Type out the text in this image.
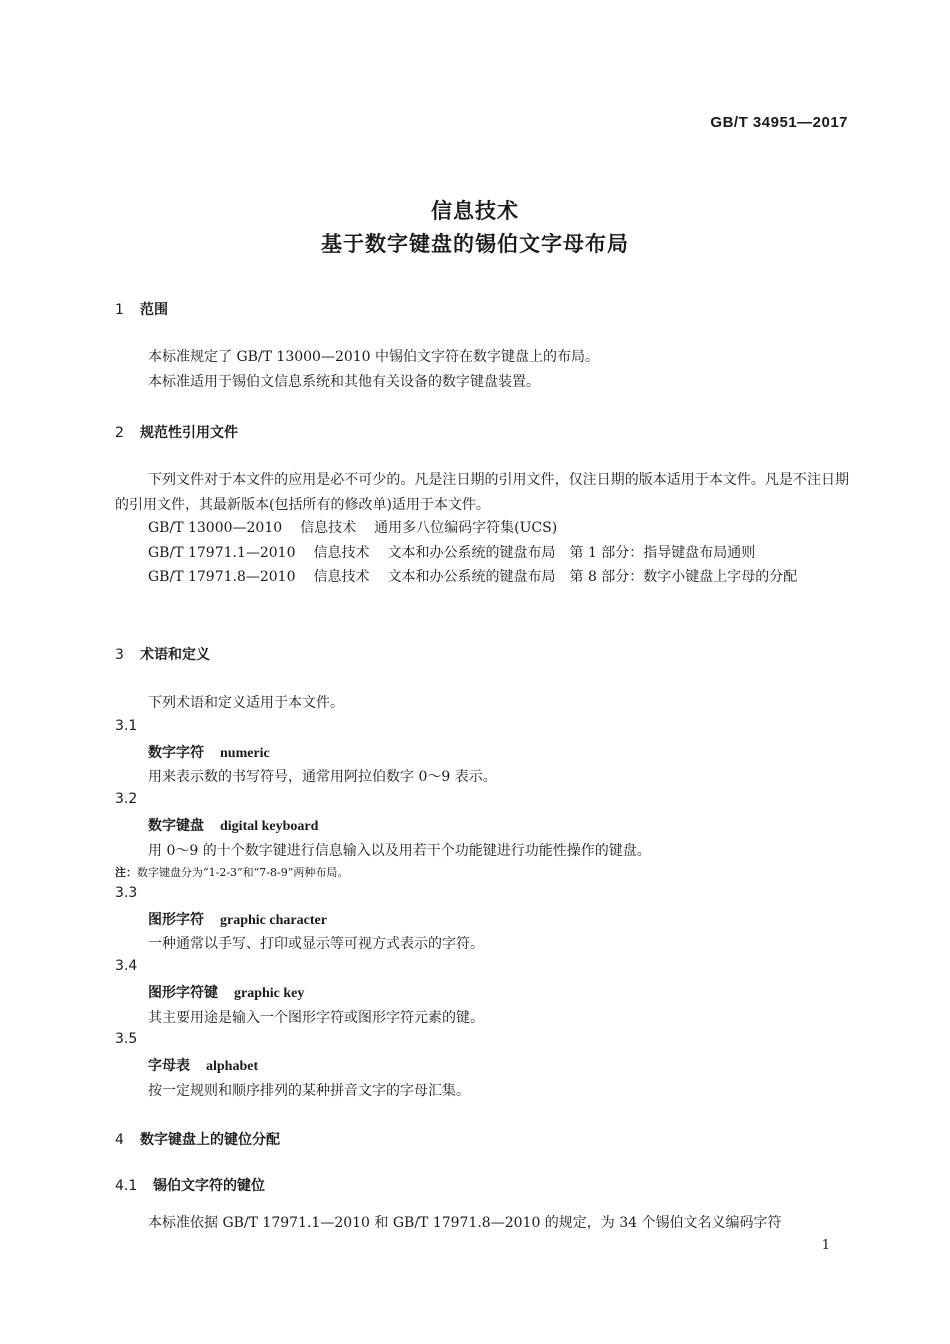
GB/T 34951—2017
信息技术
基于数字键盘的锡伯文字母布局
1 范围
本标准规定了 GB/T 13000—2010 中锡伯文字符在数字键盘上的布局。
本标准适用于锡伯文信息系统和其他有关设备的数字键盘装置。
2 规范性引用文件
下列文件对于本文件的应用是必不可少的。凡是注日期的引用文件，仅注日期的版本适用于本文件。凡是不注日期的引用文件，其最新版本(包括所有的修改单)适用于本文件。
GB/T 13000—2010 信息技术 通用多八位编码字符集(UCS)
GB/T 17971.1—2010 信息技术 文本和办公系统的键盘布局　第 1 部分：指导键盘布局通则
GB/T 17971.8—2010 信息技术 文本和办公系统的键盘布局　第 8 部分：数字小键盘上字母的分配
3 术语和定义
下列术语和定义适用于本文件。
3.1
数字字符 numeric
用来表示数的书写符号，通常用阿拉伯数字 0～9 表示。
3.2
数字键盘 digital keyboard
用 0～9 的十个数字键进行信息输入以及用若干个功能键进行功能性操作的键盘。
注：数字键盘分为“1-2-3”和“7-8-9”两种布局。
3.3
图形字符 graphic character
一种通常以手写、打印或显示等可视方式表示的字符。
3.4
图形字符键 graphic key
其主要用途是输入一个图形字符或图形字符元素的键。
3.5
字母表 alphabet
按一定规则和顺序排列的某种拼音文字的字母汇集。
4 数字键盘上的键位分配
4.1 锡伯文字符的键位
本标准依据 GB/T 17971.1—2010 和 GB/T 17971.8—2010 的规定，为 34 个锡伯文名义编码字符
1
